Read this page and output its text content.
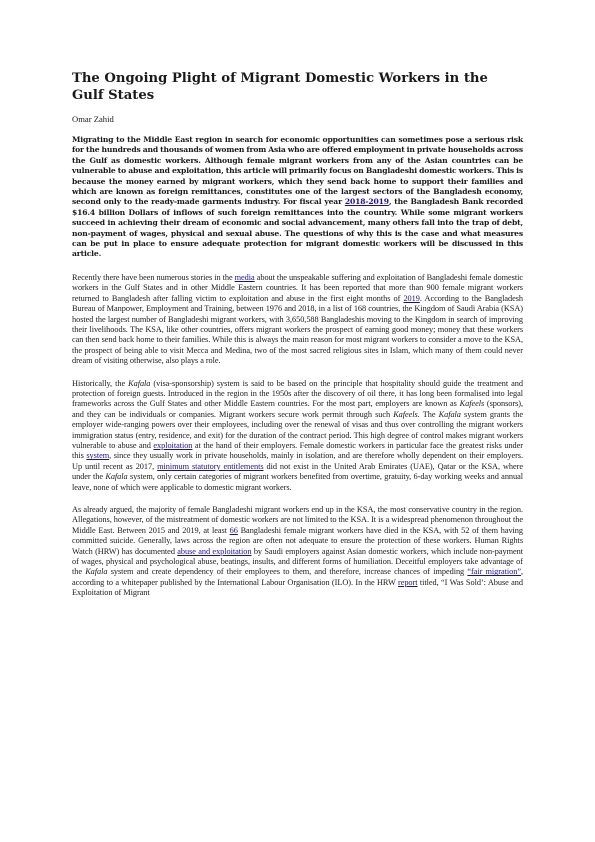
The Ongoing Plight of Migrant Domestic Workers in the Gulf States
Omar Zahid

Migrating to the Middle East region in search for economic opportunities can sometimes pose a serious risk for the hundreds and thousands of women from Asia who are offered employment in private households across the Gulf as domestic workers. Although female migrant workers from any of the Asian countries can be vulnerable to abuse and exploitation, this article will primarily focus on Bangladeshi domestic workers. This is because the money earned by migrant workers, which they send back home to support their families and which are known as foreign remittances, constitutes one of the largest sectors of the Bangladesh economy, second only to the ready-made garments industry. For fiscal year 2018-2019, the Bangladesh Bank recorded $16.4 billion Dollars of inflows of such foreign remittances into the country. While some migrant workers succeed in achieving their dream of economic and social advancement, many others fall into the trap of debt, non-payment of wages, physical and sexual abuse. The questions of why this is the case and what measures can be put in place to ensure adequate protection for migrant domestic workers will be discussed in this article.

Recently there have been numerous stories in the media about the unspeakable suffering and exploitation of Bangladeshi female domestic workers in the Gulf States and in other Middle Eastern countries. It has been reported that more than 900 female migrant workers returned to Bangladesh after falling victim to exploitation and abuse in the first eight months of 2019. According to the Bangladesh Bureau of Manpower, Employment and Training, between 1976 and 2018, in a list of 168 countries, the Kingdom of Saudi Arabia (KSA) hosted the largest number of Bangladeshi migrant workers, with 3,650,588 Bangladeshis moving to the Kingdom in search of improving their livelihoods. The KSA, like other countries, offers migrant workers the prospect of earning good money; money that these workers can then send back home to their families. While this is always the main reason for most migrant workers to consider a move to the KSA, the prospect of being able to visit Mecca and Medina, two of the most sacred religious sites in Islam, which many of them could never dream of visiting otherwise, also plays a role.

Historically, the Kafala (visa-sponsorship) system is said to be based on the principle that hospitality should guide the treatment and protection of foreign guests. Introduced in the region in the 1950s after the discovery of oil there, it has long been formalised into legal frameworks across the Gulf States and other Middle Eastern countries. For the most part, employers are known as Kafeels (sponsors), and they can be individuals or companies. Migrant workers secure work permit through such Kafeels. The Kafala system grants the employer wide-ranging powers over their employees, including over the renewal of visas and thus over controlling the migrant workers immigration status (entry, residence, and exit) for the duration of the contract period. This high degree of control makes migrant workers vulnerable to abuse and exploitation at the hand of their employers. Female domestic workers in particular face the greatest risks under this system, since they usually work in private households, mainly in isolation, and are therefore wholly dependent on their employers. Up until recent as 2017, minimum statutory entitlements did not exist in the United Arab Emirates (UAE), Qatar or the KSA, where under the Kafala system, only certain categories of migrant workers benefited from overtime, gratuity, 6-day working weeks and annual leave, none of which were applicable to domestic migrant workers.

As already argued, the majority of female Bangladeshi migrant workers end up in the KSA, the most conservative country in the region. Allegations, however, of the mistreatment of domestic workers are not limited to the KSA. It is a widespread phenomenon throughout the Middle East. Between 2015 and 2019, at least 66 Bangladeshi female migrant workers have died in the KSA, with 52 of them having committed suicide. Generally, laws across the region are often not adequate to ensure the protection of these workers. Human Rights Watch (HRW) has documented abuse and exploitation by Saudi employers against Asian domestic workers, which include non-payment of wages, physical and psychological abuse, beatings, insults, and different forms of humiliation. Deceitful employers take advantage of the Kafala system and create dependency of their employees to them, and therefore, increase chances of impeding “fair migration”, according to a whitepaper published by the International Labour Organisation (ILO). In the HRW report titled, “I Was Sold’: Abuse and Exploitation of Migrant
